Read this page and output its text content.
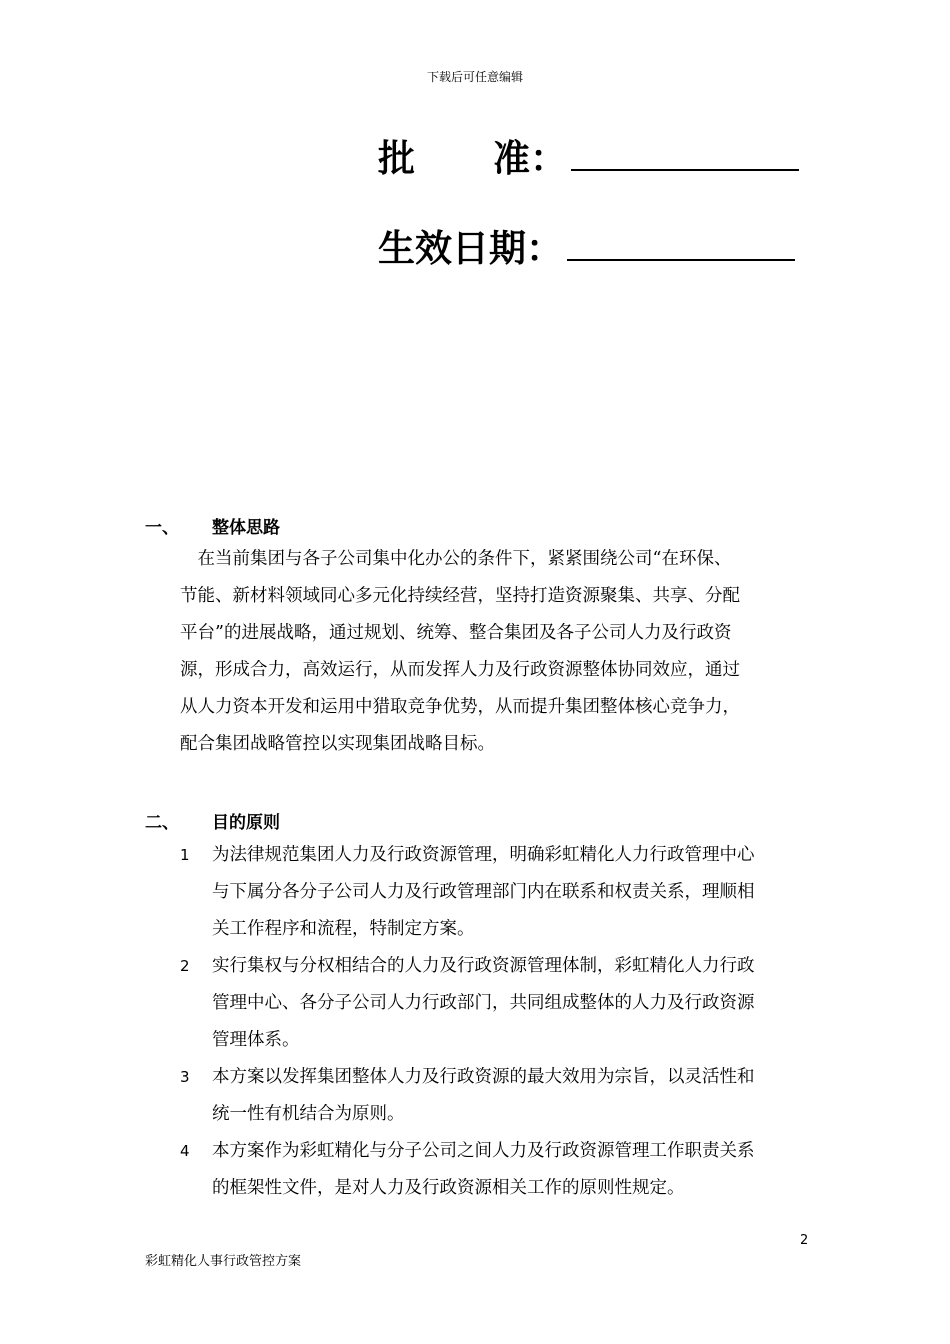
下载后可任意编辑
批 准：
生效日期：
一、 整体思路
　在当前集团与各子公司集中化办公的条件下，紧紧围绕公司“在环保、
节能、新材料领域同心多元化持续经营，坚持打造资源聚集、共享、分配
平台”的进展战略，通过规划、统筹、整合集团及各子公司人力及行政资
源，形成合力，高效运行，从而发挥人力及行政资源整体协同效应，通过
从人力资本开发和运用中猎取竞争优势，从而提升集团整体核心竞争力，
配合集团战略管控以实现集团战略目标。
二、 目的原则
1	为法律规范集团人力及行政资源管理，明确彩虹精化人力行政管理中心
与下属分各分子公司人力及行政管理部门内在联系和权责关系，理顺相
关工作程序和流程，特制定方案。
2	实行集权与分权相结合的人力及行政资源管理体制，彩虹精化人力行政
管理中心、各分子公司人力行政部门，共同组成整体的人力及行政资源
管理体系。
3	本方案以发挥集团整体人力及行政资源的最大效用为宗旨，以灵活性和
统一性有机结合为原则。
4	本方案作为彩虹精化与分子公司之间人力及行政资源管理工作职责关系
的框架性文件，是对人力及行政资源相关工作的原则性规定。
2
彩虹精化人事行政管控方案
